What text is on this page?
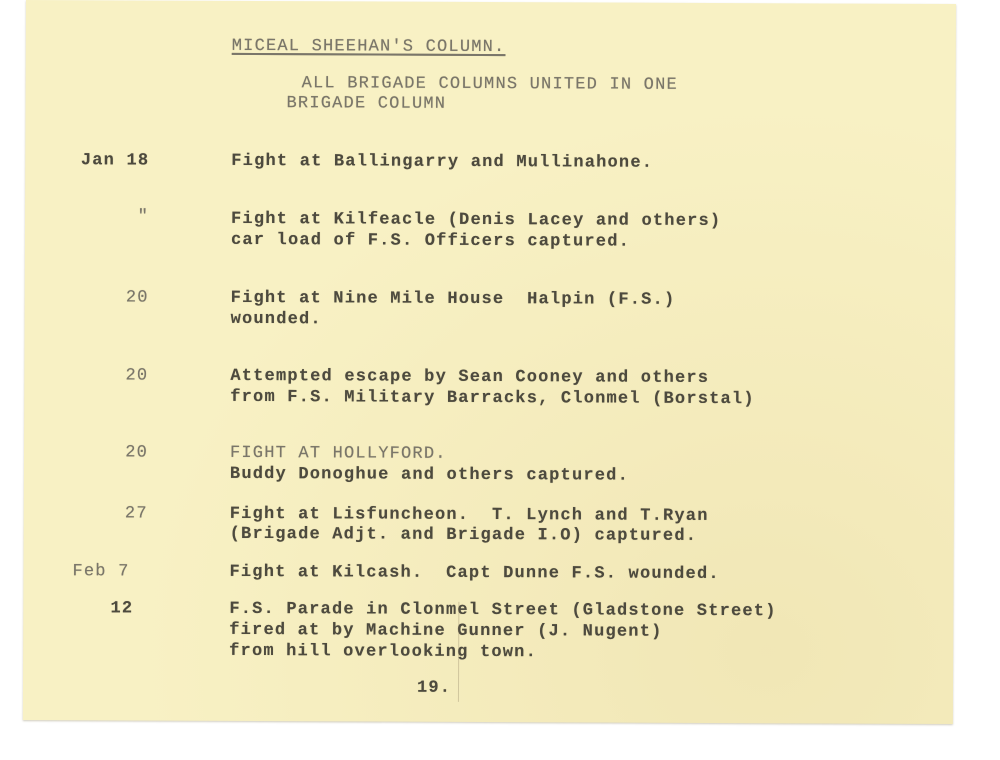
MICEAL SHEEHAN'S COLUMN.
ALL BRIGADE COLUMNS UNITED IN ONE
BRIGADE COLUMN
Jan 18	Fight at Ballingarry and Mullinahone.
"	Fight at Kilfeacle (Denis Lacey and others)
car load of F.S. Officers captured.
20	Fight at Nine Mile House  Halpin (F.S.)
wounded.
20	Attempted escape by Sean Cooney and others
from F.S. Military Barracks, Clonmel (Borstal)
20	FIGHT AT HOLLYFORD.
Buddy Donoghue and others captured.
27	Fight at Lisfuncheon.  T. Lynch and T.Ryan
(Brigade Adjt. and Brigade I.O) captured.
Feb 7	Fight at Kilcash.  Capt Dunne F.S. wounded.
12	F.S. Parade in Clonmel Street (Gladstone Street)
fired at by Machine Gunner (J. Nugent)
from hill overlooking town.
19.
